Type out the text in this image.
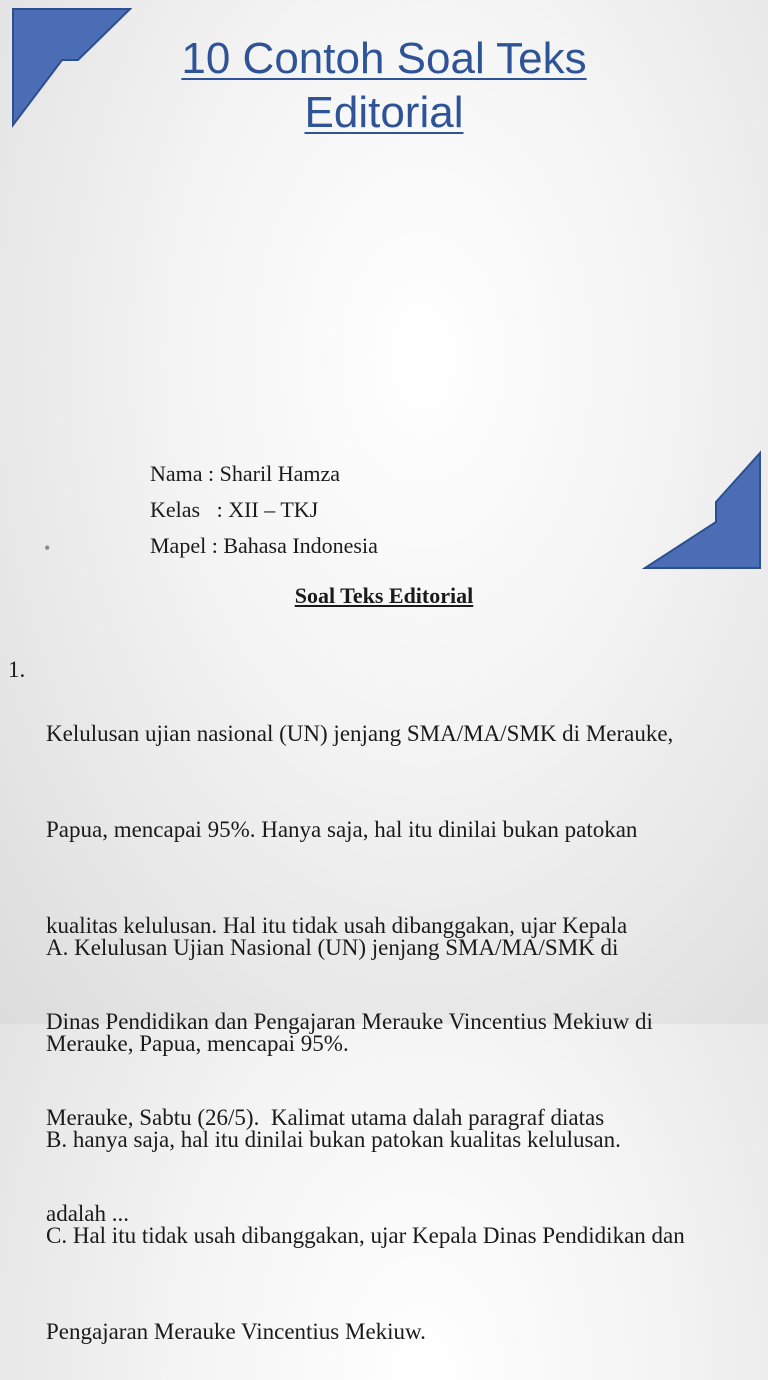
10 Contoh Soal Teks
Editorial
Nama : Sharil Hamza
Kelas   : XII – TKJ
Mapel : Bahasa Indonesia
•
Soal Teks Editorial
1.

Kelulusan ujian nasional (UN) jenjang SMA/MA/SMK di Merauke,

Papua, mencapai 95%. Hanya saja, hal itu dinilai bukan patokan

kualitas kelulusan. Hal itu tidak usah dibanggakan, ujar Kepala

Dinas Pendidikan dan Pengajaran Merauke Vincentius Mekiuw di

Merauke, Sabtu (26/5).  Kalimat utama dalah paragraf diatas

adalah ...

A. Kelulusan Ujian Nasional (UN) jenjang SMA/MA/SMK di

Merauke, Papua, mencapai 95%.

B. hanya saja, hal itu dinilai bukan patokan kualitas kelulusan.

C. Hal itu tidak usah dibanggakan, ujar Kepala Dinas Pendidikan dan

Pengajaran Merauke Vincentius Mekiuw.
